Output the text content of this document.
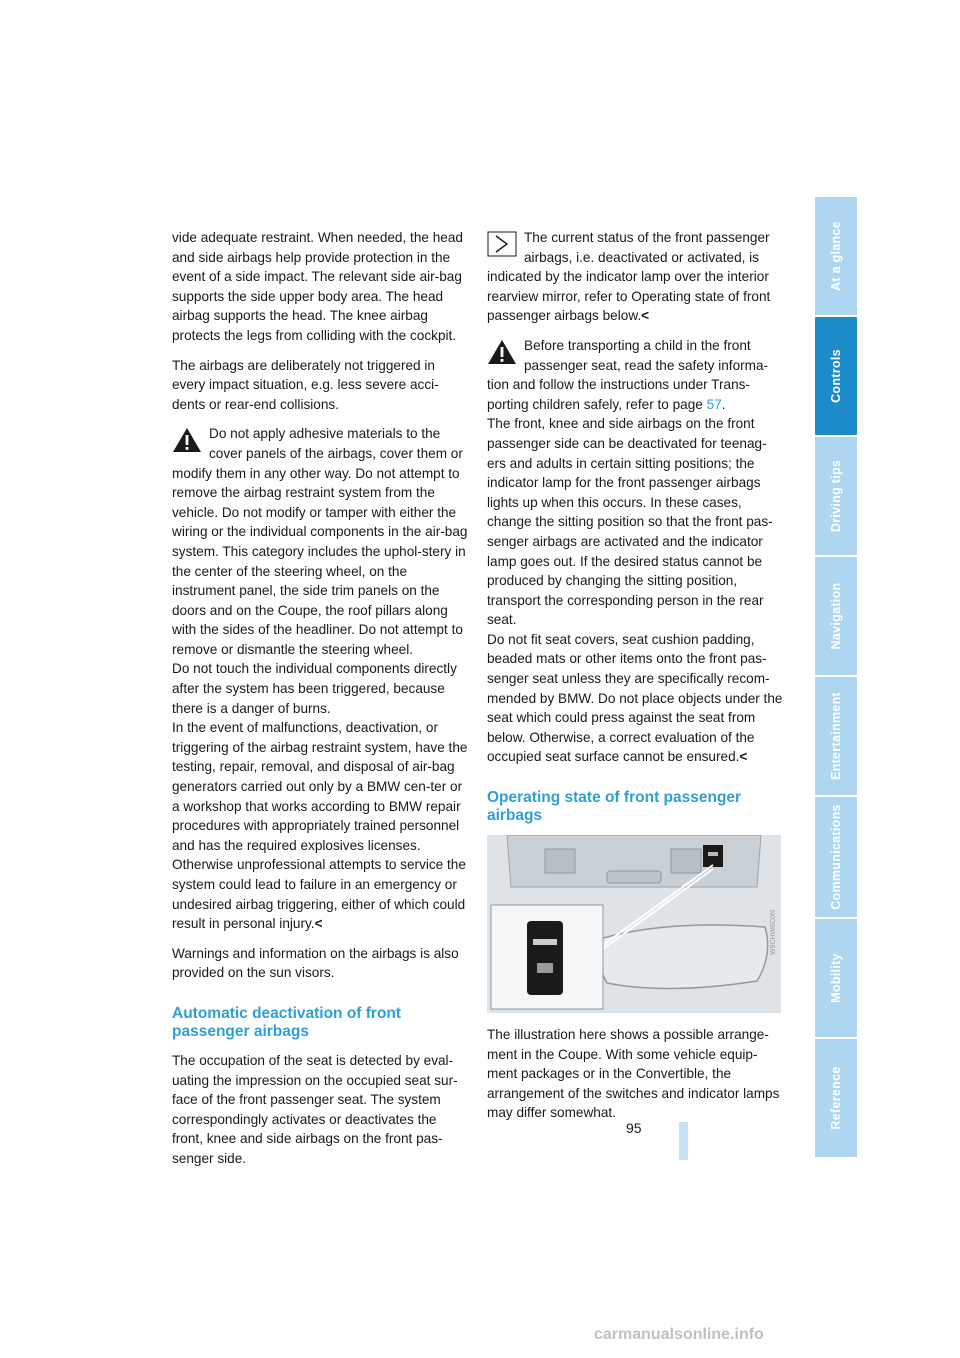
vide adequate restraint. When needed, the head and side airbags help provide protection in the event of a side impact. The relevant side air-bag supports the side upper body area. The head airbag supports the head. The knee airbag protects the legs from colliding with the cockpit.

The airbags are deliberately not triggered in every impact situation, e.g. less severe acci-dents or rear-end collisions.

Do not apply adhesive materials to the cover panels of the airbags, cover them or
modify them in any other way. Do not attempt to remove the airbag restraint system from the vehicle. Do not modify or tamper with either the wiring or the individual components in the air-bag system. This category includes the uphol-stery in the center of the steering wheel, on the instrument panel, the side trim panels on the doors and on the Coupe, the roof pillars along with the sides of the headliner. Do not attempt to remove or dismantle the steering wheel.
Do not touch the individual components directly after the system has been triggered, because there is a danger of burns.
In the event of malfunctions, deactivation, or triggering of the airbag restraint system, have the testing, repair, removal, and disposal of air-bag generators carried out only by a BMW cen-ter or a workshop that works according to BMW repair procedures with appropriately trained personnel and has the required explosives licenses. Otherwise unprofessional attempts to service the system could lead to failure in an emergency or undesired airbag triggering, either of which could result in personal injury.<

Warnings and information on the airbags is also provided on the sun visors.

Automatic deactivation of front passenger airbags

The occupation of the seat is detected by eval-uating the impression on the occupied seat sur-face of the front passenger seat. The system correspondingly activates or deactivates the front, knee and side airbags on the front pas-senger side.

The current status of the front passenger airbags, i.e. deactivated or activated, is
indicated by the indicator lamp over the interior rearview mirror, refer to Operating state of front passenger airbags below.<
Before transporting a child in the front passenger seat, read the safety informa-
tion and follow the instructions under Trans-porting children safely, refer to page 57.
The front, knee and side airbags on the front passenger side can be deactivated for teenag-ers and adults in certain sitting positions; the indicator lamp for the front passenger airbags lights up when this occurs. In these cases, change the sitting position so that the front pas-senger airbags are activated and the indicator lamp goes out. If the desired status cannot be produced by changing the sitting position, transport the corresponding person in the rear seat.
Do not fit seat covers, seat cushion padding, beaded mats or other items onto the front pas-senger seat unless they are specifically recom-mended by BMW. Do not place objects under the seat which could press against the seat from below. Otherwise, a correct evaluation of the occupied seat surface cannot be ensured.<
Operating state of front passenger airbags
W9CHW6C0N

The illustration here shows a possible arrange-ment in the Coupe. With some vehicle equip-ment packages or in the Convertible, the arrangement of the switches and indicator lamps may differ somewhat.

95
At a glance
Controls
Driving tips
Navigation
Entertainment
Communications
Mobility
Reference
carmanualsonline.info
